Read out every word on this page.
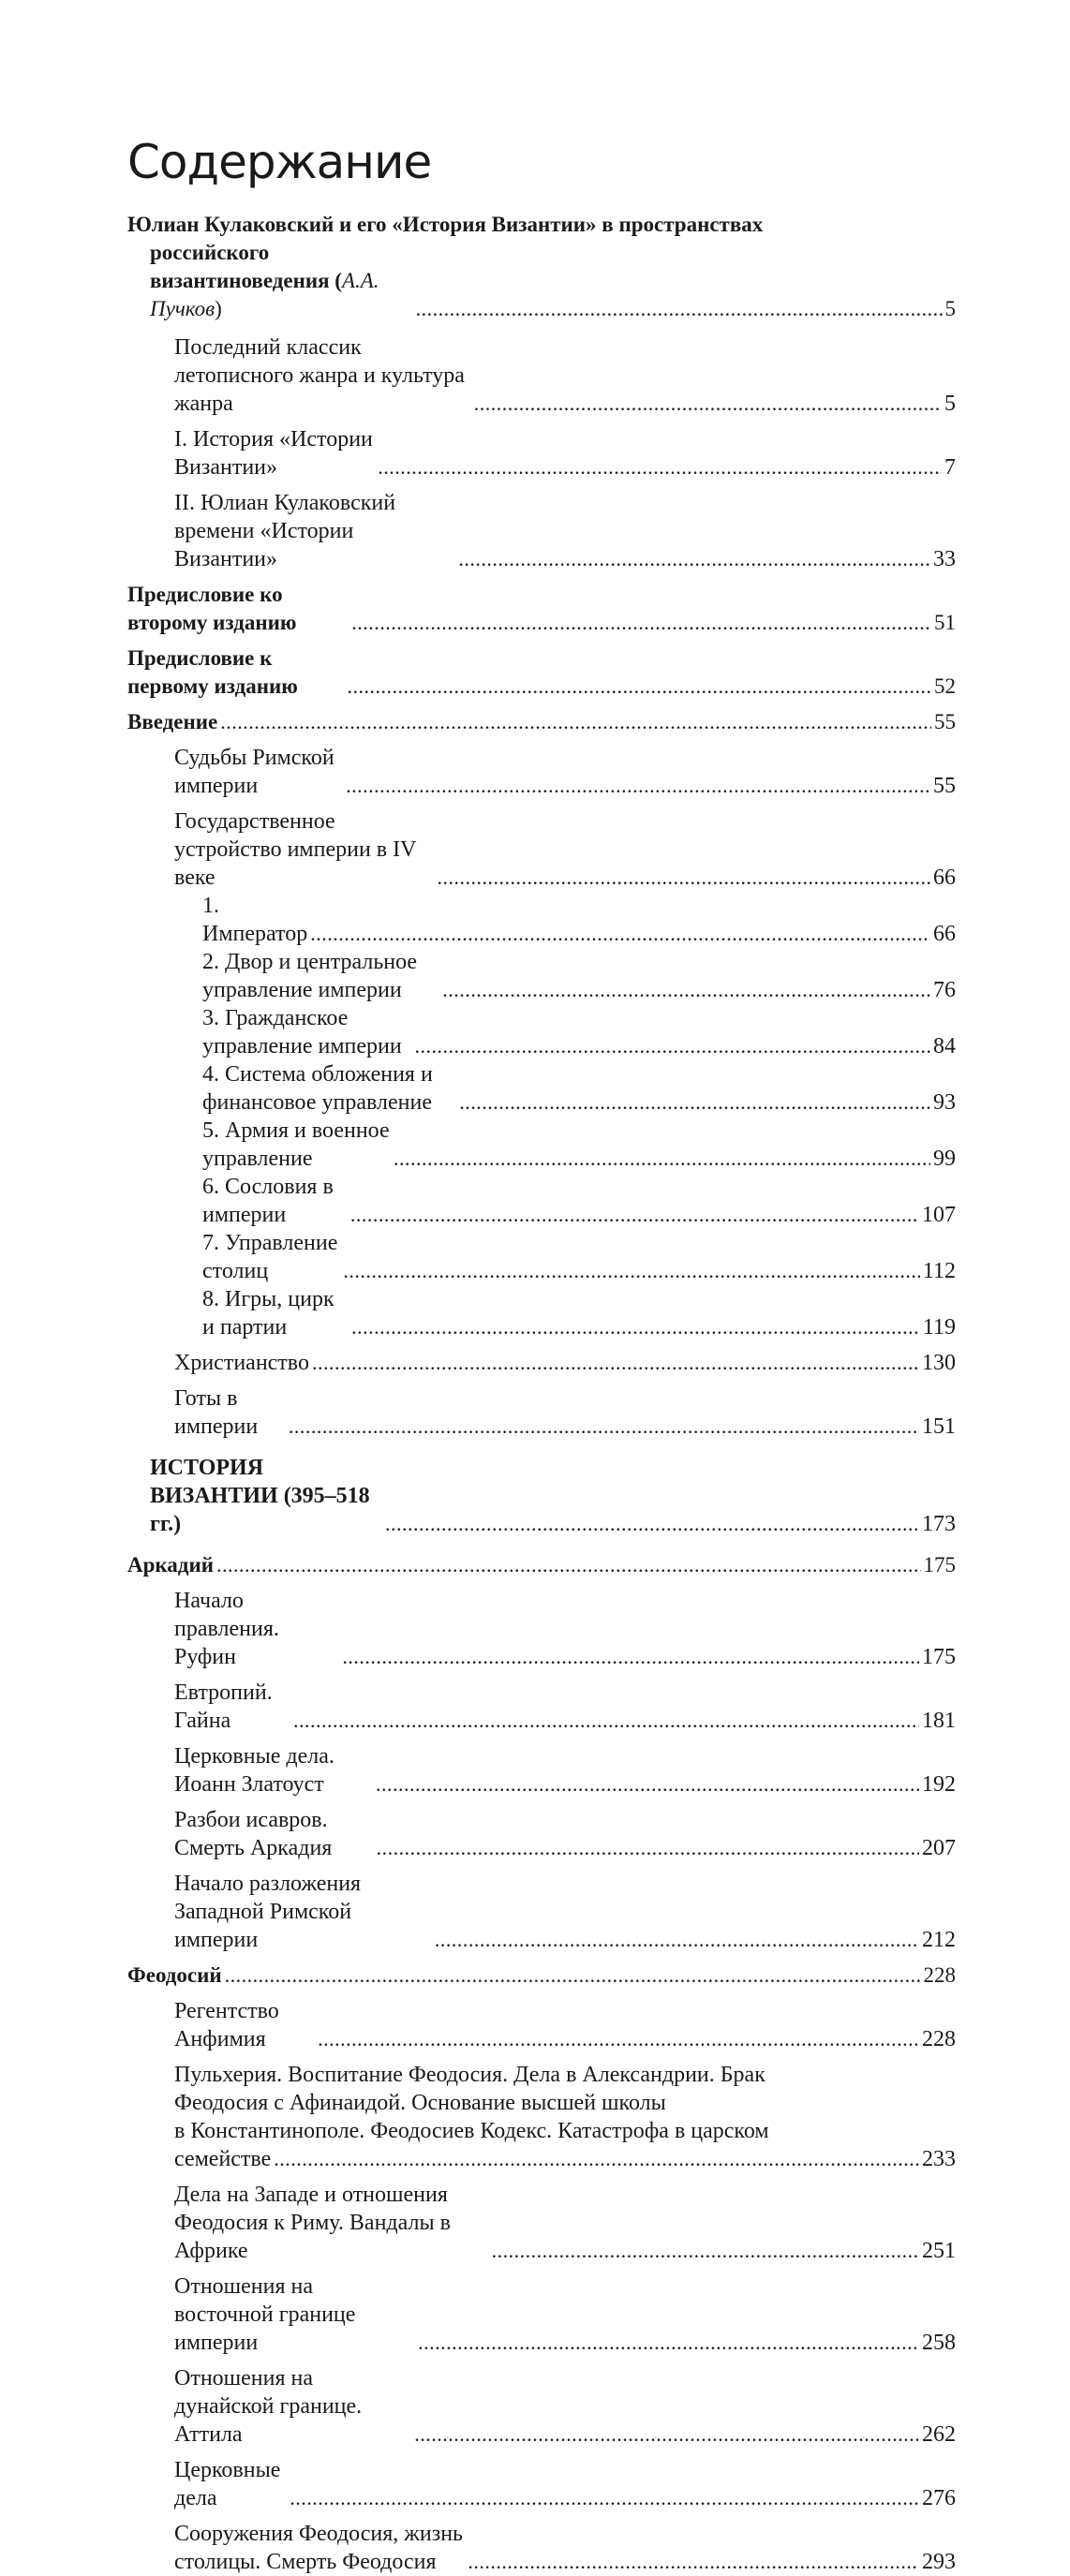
Содержание
Юлиан Кулаковский и его «История Византии» в пространствах
российского византиноведения (А.А. Пучков) . . .	5
Последний классик летописного жанра и культура жанра . . .	5
I. История «Истории Византии» . . .	7
II. Юлиан Кулаковский времени «Истории Византии» . . .	33
Предисловие ко второму изданию . . .	51
Предисловие к первому изданию . . .	52
Введение . . .	55
Судьбы Римской империи . . .	55
Государственное устройство империи в IV веке . . .	66
1. Император . . .	66
2. Двор и центральное управление империи . . .	76
3. Гражданское управление империи . . .	84
4. Система обложения и финансовое управление . . .	93
5. Армия и военное управление . . .	99
6. Сословия в империи . . .	107
7. Управление столиц . . .	112
8. Игры, цирк и партии . . .	119
Христианство . . .	130
Готы в империи . . .	151
ИСТОРИЯ ВИЗАНТИИ (395–518 гг.) . . .	173
Аркадий . . .	175
Начало правления. Руфин . . .	175
Евтропий. Гайна . . .	181
Церковные дела. Иоанн Златоуст . . .	192
Разбои исавров. Смерть Аркадия . . .	207
Начало разложения Западной Римской империи . . .	212
Феодосий . . .	228
Регентство Анфимия . . .	228
Пульхерия. Воспитание Феодосия. Дела в Александрии. Брак
Феодосия с Афинаидой. Основание высшей школы
в Константинополе. Феодосиев Кодекс. Катастрофа в царском
семействе . . .	233
Дела на Западе и отношения Феодосия к Риму. Вандалы в Африке . . .	251
Отношения на восточной границе империи . . .	258
Отношения на дунайской границе. Аттила . . .	262
Церковные дела . . .	276
Сооружения Феодосия, жизнь столицы. Смерть Феодосия . . .	293
